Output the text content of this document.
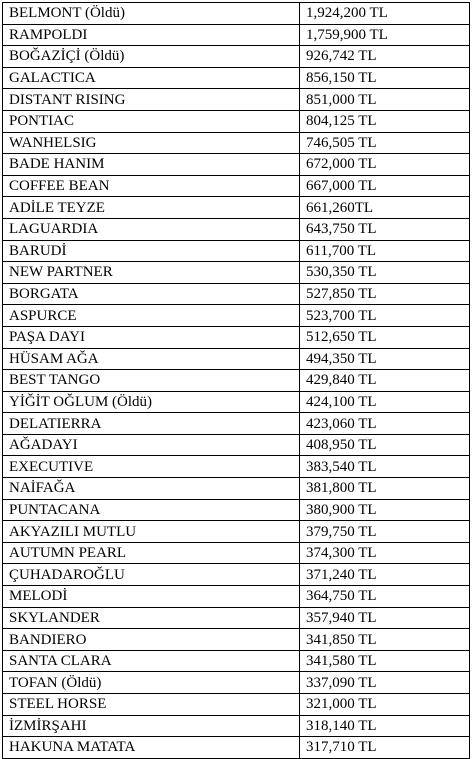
BELMONT (Öldü)	1,924,200 TL
RAMPOLDI	1,759,900 TL
BOĞAZİÇİ (Öldü)	926,742 TL
GALACTICA	856,150 TL
DISTANT RISING	851,000 TL
PONTIAC	804,125 TL
WANHELSIG	746,505 TL
BADE HANIM	672,000 TL
COFFEE BEAN	667,000 TL
ADİLE TEYZE	661,260TL
LAGUARDIA	643,750 TL
BARUDİ	611,700 TL
NEW PARTNER	530,350 TL
BORGATA	527,850 TL
ASPURCE	523,700 TL
PAŞA DAYI	512,650 TL
HÜSAM AĞA	494,350 TL
BEST TANGO	429,840 TL
YİĞİT OĞLUM (Öldü)	424,100 TL
DELATIERRA	423,060 TL
AĞADAYI	408,950 TL
EXECUTIVE	383,540 TL
NAİFAĞA	381,800 TL
PUNTACANA	380,900 TL
AKYAZILI MUTLU	379,750 TL
AUTUMN PEARL	374,300 TL
ÇUHADAROĞLU	371,240 TL
MELODİ	364,750 TL
SKYLANDER	357,940 TL
BANDIERO	341,850 TL
SANTA CLARA	341,580 TL
TOFAN (Öldü)	337,090 TL
STEEL HORSE	321,000 TL
İZMİRŞAHI	318,140 TL
HAKUNA MATATA	317,710 TL
